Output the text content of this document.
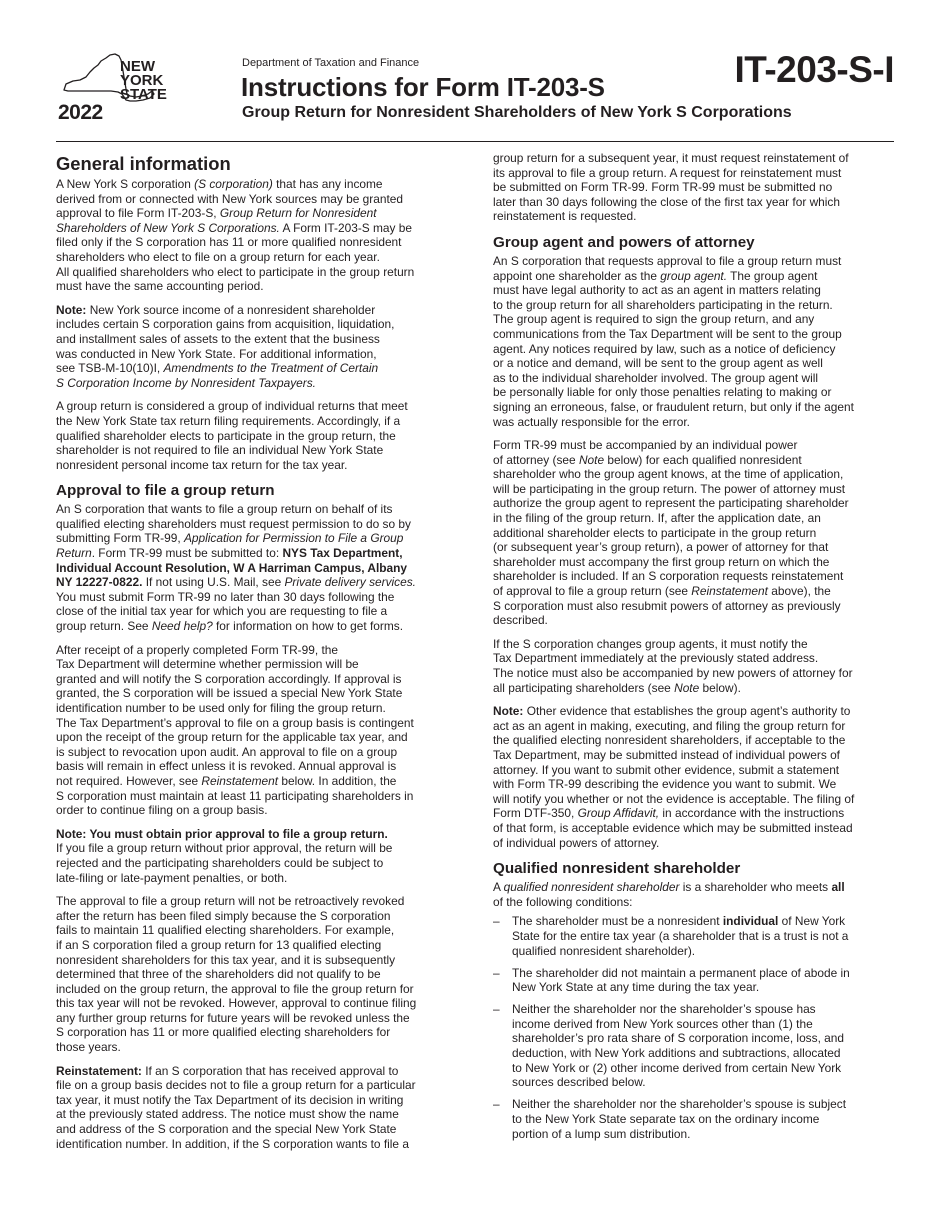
NEW
YORK
STATE
2022
Department of Taxation and Finance
Instructions for Form IT-203-S
Group Return for Nonresident Shareholders of New York S Corporations
IT-203-S-I
General information
A New York S corporation (S corporation) that has any income
derived from or connected with New York sources may be granted
approval to file Form IT-203-S, Group Return for Nonresident
Shareholders of New York S Corporations. A Form IT-203-S may be
filed only if the S corporation has 11 or more qualified nonresident
shareholders who elect to file on a group return for each year.
All qualified shareholders who elect to participate in the group return
must have the same accounting period.
Note: New York source income of a nonresident shareholder
includes certain S corporation gains from acquisition, liquidation,
and installment sales of assets to the extent that the business
was conducted in New York State. For additional information,
see TSB-M-10(10)I, Amendments to the Treatment of Certain
S Corporation Income by Nonresident Taxpayers.
A group return is considered a group of individual returns that meet
the New York State tax return filing requirements. Accordingly, if a
qualified shareholder elects to participate in the group return, the
shareholder is not required to file an individual New York State
nonresident personal income tax return for the tax year.
Approval to file a group return
An S corporation that wants to file a group return on behalf of its
qualified electing shareholders must request permission to do so by
submitting Form TR-99, Application for Permission to File a Group
Return. Form TR-99 must be submitted to: NYS Tax Department,
Individual Account Resolution, W A Harriman Campus, Albany
NY 12227-0822. If not using U.S. Mail, see Private delivery services.
You must submit Form TR-99 no later than 30 days following the
close of the initial tax year for which you are requesting to file a
group return. See Need help? for information on how to get forms.
After receipt of a properly completed Form TR-99, the
Tax Department will determine whether permission will be
granted and will notify the S corporation accordingly. If approval is
granted, the S corporation will be issued a special New York State
identification number to be used only for filing the group return.
The Tax Department’s approval to file on a group basis is contingent
upon the receipt of the group return for the applicable tax year, and
is subject to revocation upon audit. An approval to file on a group
basis will remain in effect unless it is revoked. Annual approval is
not required. However, see Reinstatement below. In addition, the
S corporation must maintain at least 11 participating shareholders in
order to continue filing on a group basis.
Note: You must obtain prior approval to file a group return.
If you file a group return without prior approval, the return will be
rejected and the participating shareholders could be subject to
late-filing or late-payment penalties, or both.
The approval to file a group return will not be retroactively revoked
after the return has been filed simply because the S corporation
fails to maintain 11 qualified electing shareholders. For example,
if an S corporation filed a group return for 13 qualified electing
nonresident shareholders for this tax year, and it is subsequently
determined that three of the shareholders did not qualify to be
included on the group return, the approval to file the group return for
this tax year will not be revoked. However, approval to continue filing
any further group returns for future years will be revoked unless the
S corporation has 11 or more qualified electing shareholders for
those years.
Reinstatement: If an S corporation that has received approval to
file on a group basis decides not to file a group return for a particular
tax year, it must notify the Tax Department of its decision in writing
at the previously stated address. The notice must show the name
and address of the S corporation and the special New York State
identification number. In addition, if the S corporation wants to file a
group return for a subsequent year, it must request reinstatement of
its approval to file a group return. A request for reinstatement must
be submitted on Form TR-99. Form TR-99 must be submitted no
later than 30 days following the close of the first tax year for which
reinstatement is requested.
Group agent and powers of attorney
An S corporation that requests approval to file a group return must
appoint one shareholder as the group agent. The group agent
must have legal authority to act as an agent in matters relating
to the group return for all shareholders participating in the return.
The group agent is required to sign the group return, and any
communications from the Tax Department will be sent to the group
agent. Any notices required by law, such as a notice of deficiency
or a notice and demand, will be sent to the group agent as well
as to the individual shareholder involved. The group agent will
be personally liable for only those penalties relating to making or
signing an erroneous, false, or fraudulent return, but only if the agent
was actually responsible for the error.
Form TR-99 must be accompanied by an individual power
of attorney (see Note below) for each qualified nonresident
shareholder who the group agent knows, at the time of application,
will be participating in the group return. The power of attorney must
authorize the group agent to represent the participating shareholder
in the filing of the group return. If, after the application date, an
additional shareholder elects to participate in the group return
(or subsequent year’s group return), a power of attorney for that
shareholder must accompany the first group return on which the
shareholder is included. If an S corporation requests reinstatement
of approval to file a group return (see Reinstatement above), the
S corporation must also resubmit powers of attorney as previously
described.
If the S corporation changes group agents, it must notify the
Tax Department immediately at the previously stated address.
The notice must also be accompanied by new powers of attorney for
all participating shareholders (see Note below).
Note: Other evidence that establishes the group agent’s authority to
act as an agent in making, executing, and filing the group return for
the qualified electing nonresident shareholders, if acceptable to the
Tax Department, may be submitted instead of individual powers of
attorney. If you want to submit other evidence, submit a statement
with Form TR-99 describing the evidence you want to submit. We
will notify you whether or not the evidence is acceptable. The filing of
Form DTF-350, Group Affidavit, in accordance with the instructions
of that form, is acceptable evidence which may be submitted instead
of individual powers of attorney.
Qualified nonresident shareholder
A qualified nonresident shareholder is a shareholder who meets all
of the following conditions:
– The shareholder must be a nonresident individual of New York
State for the entire tax year (a shareholder that is a trust is not a
qualified nonresident shareholder).
– The shareholder did not maintain a permanent place of abode in
New York State at any time during the tax year.
– Neither the shareholder nor the shareholder’s spouse has
income derived from New York sources other than (1) the
shareholder’s pro rata share of S corporation income, loss, and
deduction, with New York additions and subtractions, allocated
to New York or (2) other income derived from certain New York
sources described below.
– Neither the shareholder nor the shareholder’s spouse is subject
to the New York State separate tax on the ordinary income
portion of a lump sum distribution.
